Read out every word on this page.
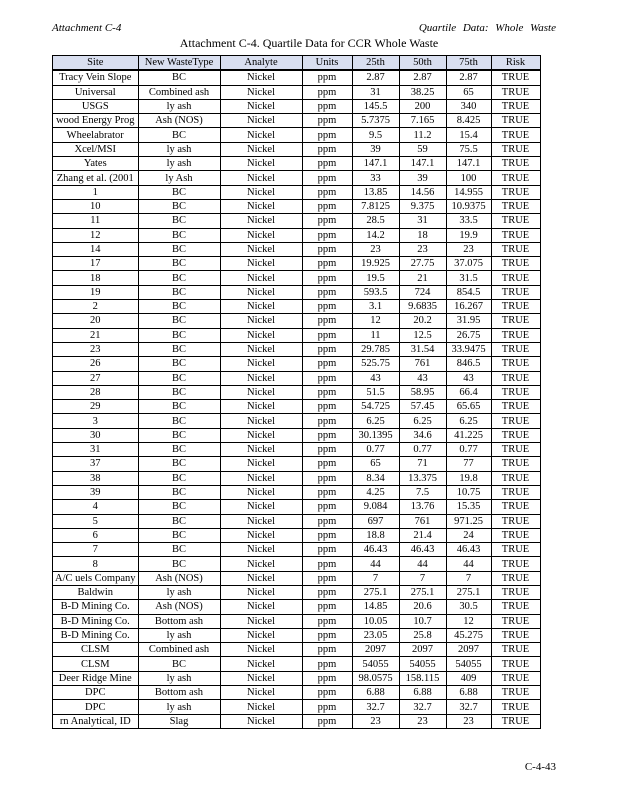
Attachment C-4	Quartile Data: Whole Waste
Attachment C-4. Quartile Data for CCR Whole Waste
Site	New WasteType	Analyte	Units	25th	50th	75th	Risk
Tracy Vein Slope	BC	Nickel	ppm	2.87	2.87	2.87	TRUE
Universal	Combined ash	Nickel	ppm	31	38.25	65	TRUE
USGS	ly ash	Nickel	ppm	145.5	200	340	TRUE
wood Energy Prog	Ash (NOS)	Nickel	ppm	5.7375	7.165	8.425	TRUE
Wheelabrator	BC	Nickel	ppm	9.5	11.2	15.4	TRUE
Xcel/MSI	ly ash	Nickel	ppm	39	59	75.5	TRUE
Yates	ly ash	Nickel	ppm	147.1	147.1	147.1	TRUE
Zhang et al. (2001	ly Ash	Nickel	ppm	33	39	100	TRUE
1	BC	Nickel	ppm	13.85	14.56	14.955	TRUE
10	BC	Nickel	ppm	7.8125	9.375	10.9375	TRUE
11	BC	Nickel	ppm	28.5	31	33.5	TRUE
12	BC	Nickel	ppm	14.2	18	19.9	TRUE
14	BC	Nickel	ppm	23	23	23	TRUE
17	BC	Nickel	ppm	19.925	27.75	37.075	TRUE
18	BC	Nickel	ppm	19.5	21	31.5	TRUE
19	BC	Nickel	ppm	593.5	724	854.5	TRUE
2	BC	Nickel	ppm	3.1	9.6835	16.267	TRUE
20	BC	Nickel	ppm	12	20.2	31.95	TRUE
21	BC	Nickel	ppm	11	12.5	26.75	TRUE
23	BC	Nickel	ppm	29.785	31.54	33.9475	TRUE
26	BC	Nickel	ppm	525.75	761	846.5	TRUE
27	BC	Nickel	ppm	43	43	43	TRUE
28	BC	Nickel	ppm	51.5	58.95	66.4	TRUE
29	BC	Nickel	ppm	54.725	57.45	65.65	TRUE
3	BC	Nickel	ppm	6.25	6.25	6.25	TRUE
30	BC	Nickel	ppm	30.1395	34.6	41.225	TRUE
31	BC	Nickel	ppm	0.77	0.77	0.77	TRUE
37	BC	Nickel	ppm	65	71	77	TRUE
38	BC	Nickel	ppm	8.34	13.375	19.8	TRUE
39	BC	Nickel	ppm	4.25	7.5	10.75	TRUE
4	BC	Nickel	ppm	9.084	13.76	15.35	TRUE
5	BC	Nickel	ppm	697	761	971.25	TRUE
6	BC	Nickel	ppm	18.8	21.4	24	TRUE
7	BC	Nickel	ppm	46.43	46.43	46.43	TRUE
8	BC	Nickel	ppm	44	44	44	TRUE
A/C uels Company	Ash (NOS)	Nickel	ppm	7	7	7	TRUE
Baldwin	ly ash	Nickel	ppm	275.1	275.1	275.1	TRUE
B-D Mining Co.	Ash (NOS)	Nickel	ppm	14.85	20.6	30.5	TRUE
B-D Mining Co.	Bottom ash	Nickel	ppm	10.05	10.7	12	TRUE
B-D Mining Co.	ly ash	Nickel	ppm	23.05	25.8	45.275	TRUE
CLSM	Combined ash	Nickel	ppm	2097	2097	2097	TRUE
CLSM	BC	Nickel	ppm	54055	54055	54055	TRUE
Deer Ridge Mine	ly ash	Nickel	ppm	98.0575	158.115	409	TRUE
DPC	Bottom ash	Nickel	ppm	6.88	6.88	6.88	TRUE
DPC	ly ash	Nickel	ppm	32.7	32.7	32.7	TRUE
rn Analytical, ID	Slag	Nickel	ppm	23	23	23	TRUE
C-4-43
